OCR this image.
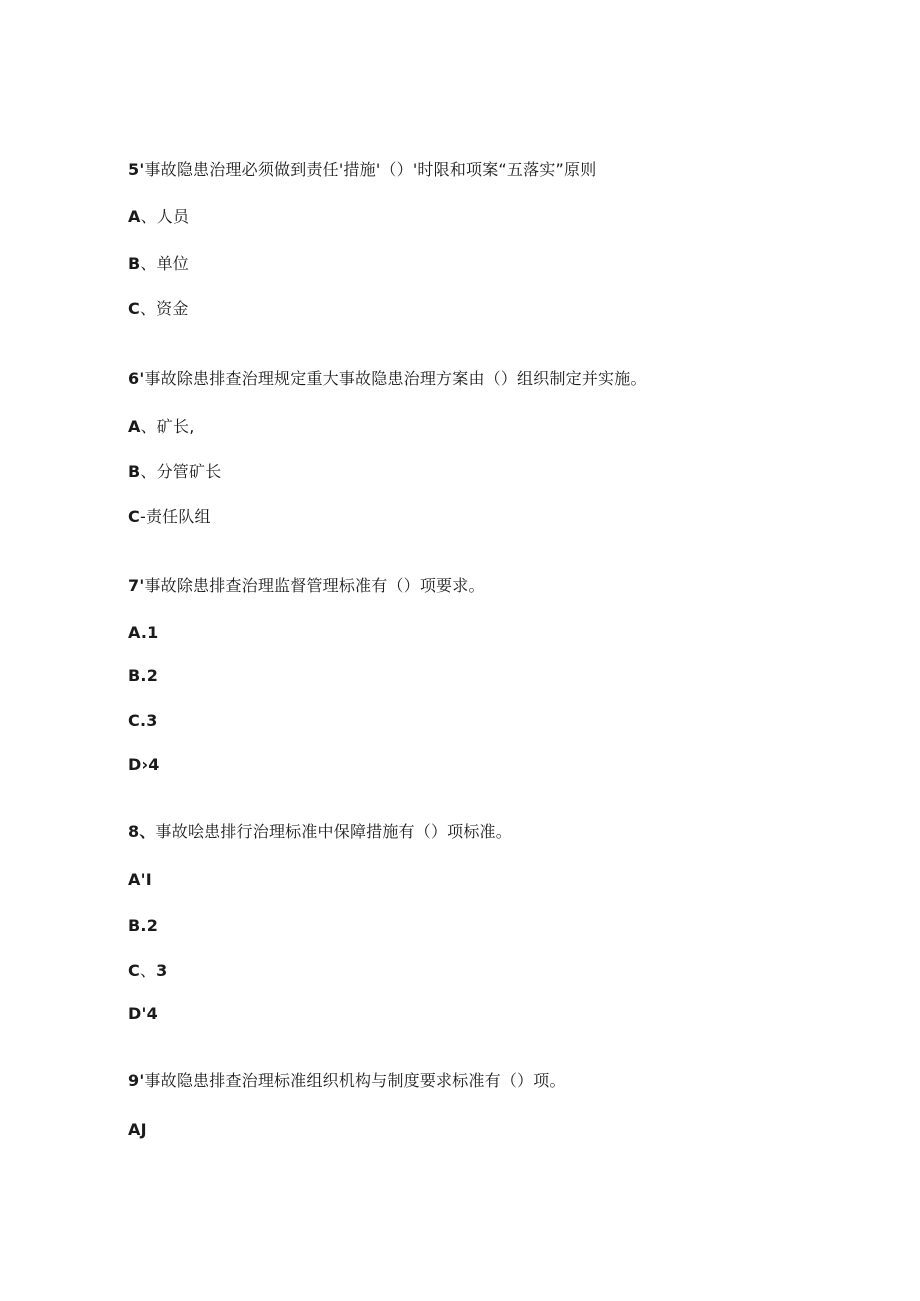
5'事故隐患治理必须做到责任'措施'（）'时限和项案“五落实”原则
A、人员
B、单位
C、资金
6'事故除患排查治理规定重大事故隐患治理方案由（）组织制定并实施。
A、矿长,
B、分管矿长
C-责任队组
7'事故除患排查治理监督管理标准有（）项要求。
A.1
B.2
C.3
D›4
8、事故哙患排行治理标准中保障措施有（）项标准。
A'I
B.2
C、3
D'4
9'事故隐患排查治理标准组织机构与制度要求标准有（）项。
AJ
